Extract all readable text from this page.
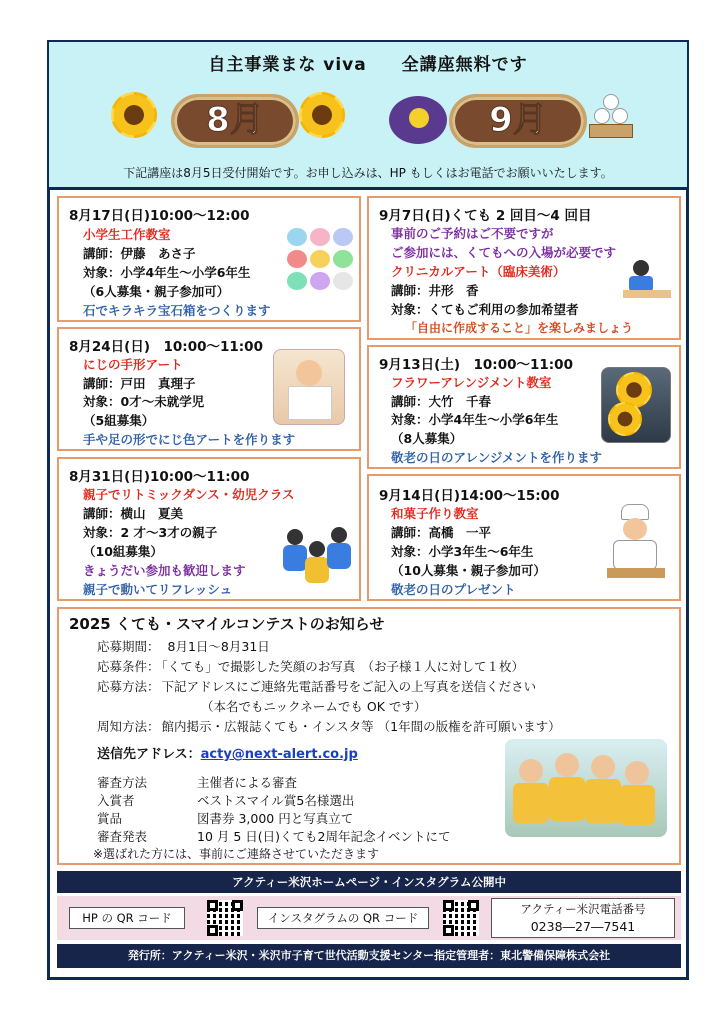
自主事業まな viva 全講座無料です
8月	9月
下記講座は8月5日受付開始です。お申し込みは、HP もしくはお電話でお願いいたします。
8月17日(日)10:00～12:00
小学生工作教室
講師：伊藤　あさ子
対象：小学4年生～小学6年生
（6人募集・親子参加可）
石でキラキラ宝石箱をつくります
8月24日(日)　10:00～11:00
にじの手形アート
講師：戸田　真理子
対象：0才～未就学児
（5組募集）
手や足の形でにじ色アートを作ります
8月31日(日)10:00～11:00
親子でリトミックダンス・幼児クラス
講師：横山　夏美
対象：2 才～3才の親子
（10組募集）
きょうだい参加も歓迎します
親子で動いてリフレッシュ
9月7日(日)くても 2 回目～4 回目
事前のご予約はご不要ですが
ご参加には、くてもへの入場が必要です
クリニカルアート（臨床美術）
講師：井形　香
対象：くてもご利用の参加希望者
「自由に作成すること」を楽しみましょう
9月13日(土)　10:00～11:00
フラワーアレンジメント教室
講師：大竹　千春
対象：小学4年生～小学6年生
（8人募集）
敬老の日のアレンジメントを作ります
9月14日(日)14:00～15:00
和菓子作り教室
講師：高橋　一平
対象：小学3年生～6年生
（10人募集・親子参加可）
敬老の日のプレゼント
2025 くても・スマイルコンテストのお知らせ
応募期間： 8月1日～8月31日
応募条件： 「くても」で撮影した笑顔のお写真　（お子様１人に対して１枚）
応募方法： 下記アドレスにご連絡先電話番号をご記入の上写真を送信ください
（本名でもニックネームでも OK です）
周知方法： 館内掲示・広報誌くても・インスタ等 （1年間の版権を許可願います）
送信先アドレス：acty@next-alert.co.jp
審査方法	主催者による審査
入賞者	ベストスマイル賞5名様選出
賞品	図書券 3,000 円と写真立て
審査発表	10 月 5 日(日)くても2周年記念イベントにて
※選ばれた方には、事前にご連絡させていただきます
アクティー米沢ホームページ・インスタグラム公開中
HP の QR コード	インスタグラムの QR コード
アクティー米沢電話番号
0238―27―7541
発行所：アクティー米沢・米沢市子育て世代活動支援センター指定管理者：東北警備保障株式会社
